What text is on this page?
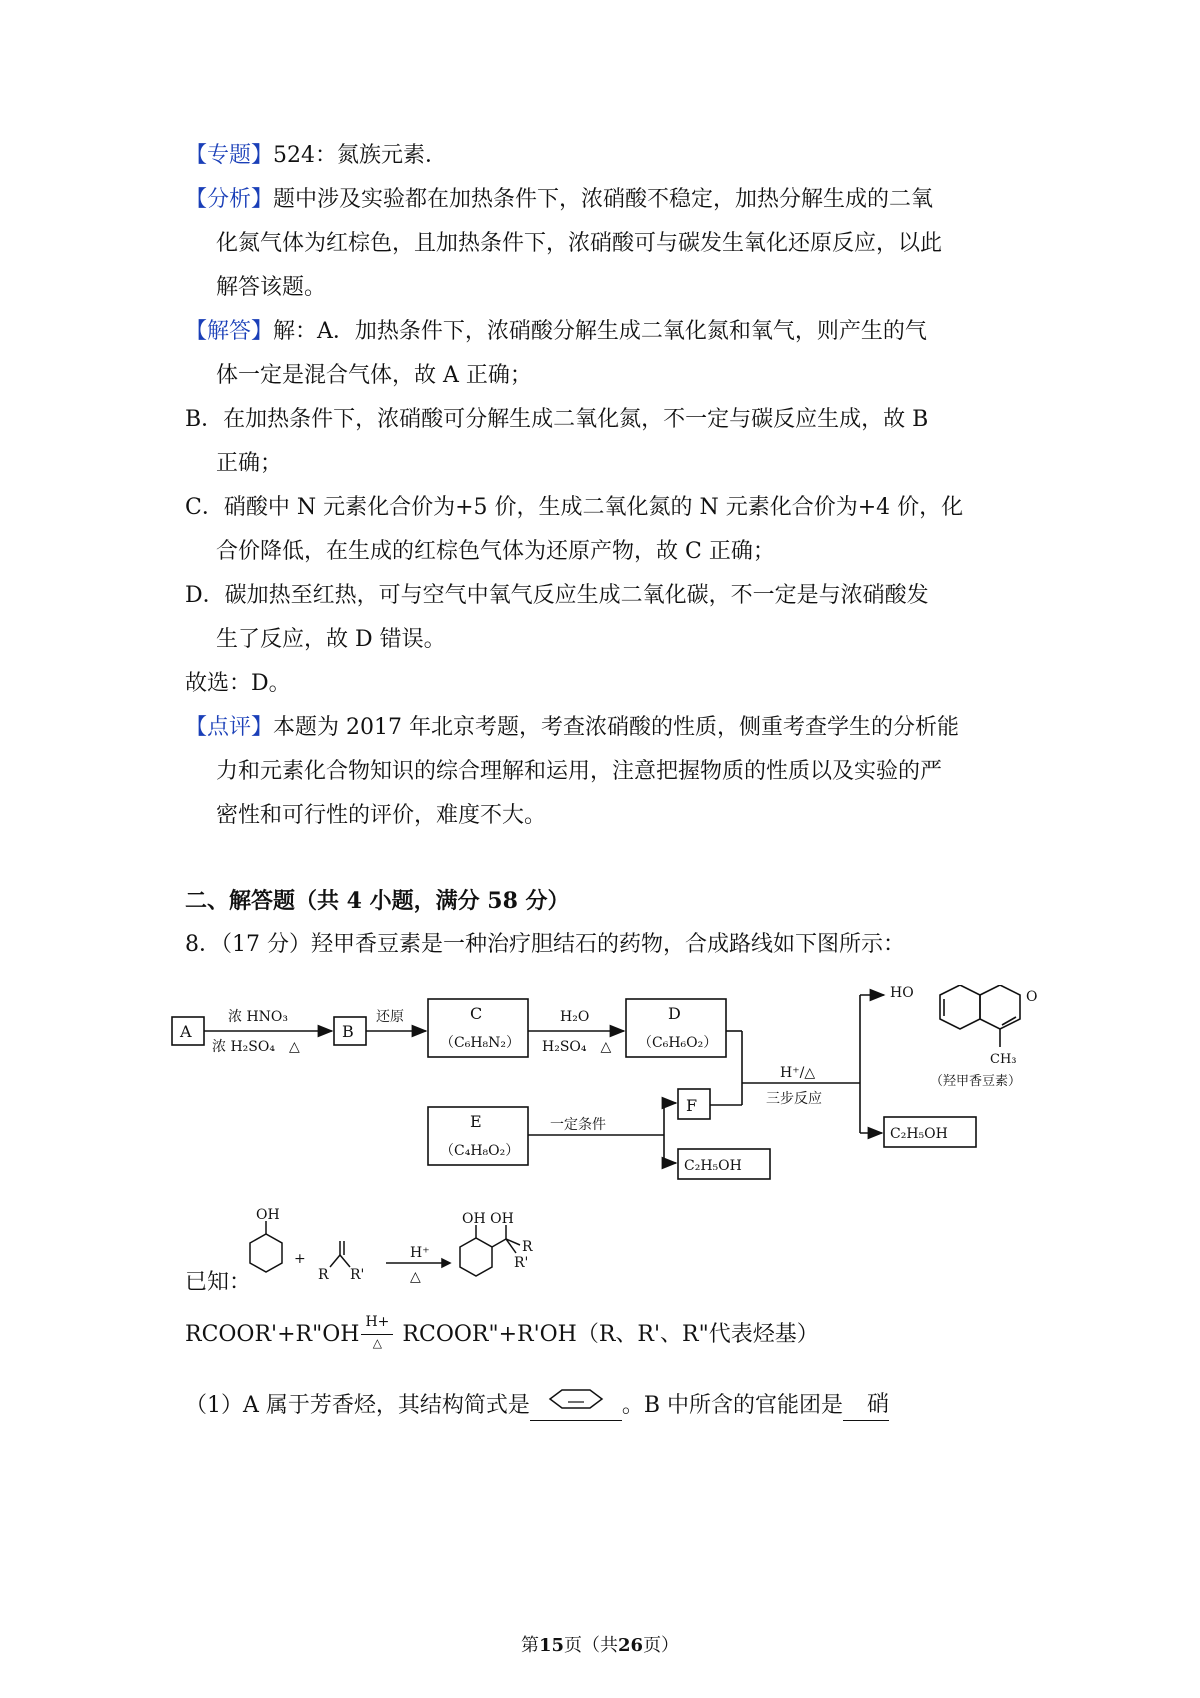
【专题】524：氮族元素．
【分析】题中涉及实验都在加热条件下，浓硝酸不稳定，加热分解生成的二氧
化氮气体为红棕色，且加热条件下，浓硝酸可与碳发生氧化还原反应，以此
解答该题。
【解答】解：A．加热条件下，浓硝酸分解生成二氧化氮和氧气，则产生的气
体一定是混合气体，故 A 正确；
B．在加热条件下，浓硝酸可分解生成二氧化氮，不一定与碳反应生成，故 B
正确；
C．硝酸中 N 元素化合价为+5 价，生成二氧化氮的 N 元素化合价为+4 价，化
合价降低，在生成的红棕色气体为还原产物，故 C 正确；
D．碳加热至红热，可与空气中氧气反应生成二氧化碳，不一定是与浓硝酸发
生了反应，故 D 错误。
故选：D。
【点评】本题为 2017 年北京考题，考查浓硝酸的性质，侧重考查学生的分析能
力和元素化合物知识的综合理解和运用，注意把握物质的性质以及实验的严
密性和可行性的评价，难度不大。
二、解答题（共 4 小题，满分 58 分）
8．（17 分）羟甲香豆素是一种治疗胆结石的药物，合成路线如下图所示：
A	B
C
（C₆H₈N₂）
D
（C₆H₆O₂）
E
（C₄H₈O₂）
F
C₂H₅OH
C₂H₅OH
浓 HNO₃
浓 H₂SO₄　△
还原	H₂O
H₂SO₄　△
H⁺/△
三步反应
一定条件
HO	O
CH₃
（羟甲香豆素）
OH
+
R R'
H⁺
△
OH OH
R
R'
已知：
RCOOR'+R"OH H+
△ RCOOR"+R'OH（R、R'、R"代表烃基）
（1）A 属于芳香烃，其结构简式是	。B 中所含的官能团是 硝
第15页（共26页）
